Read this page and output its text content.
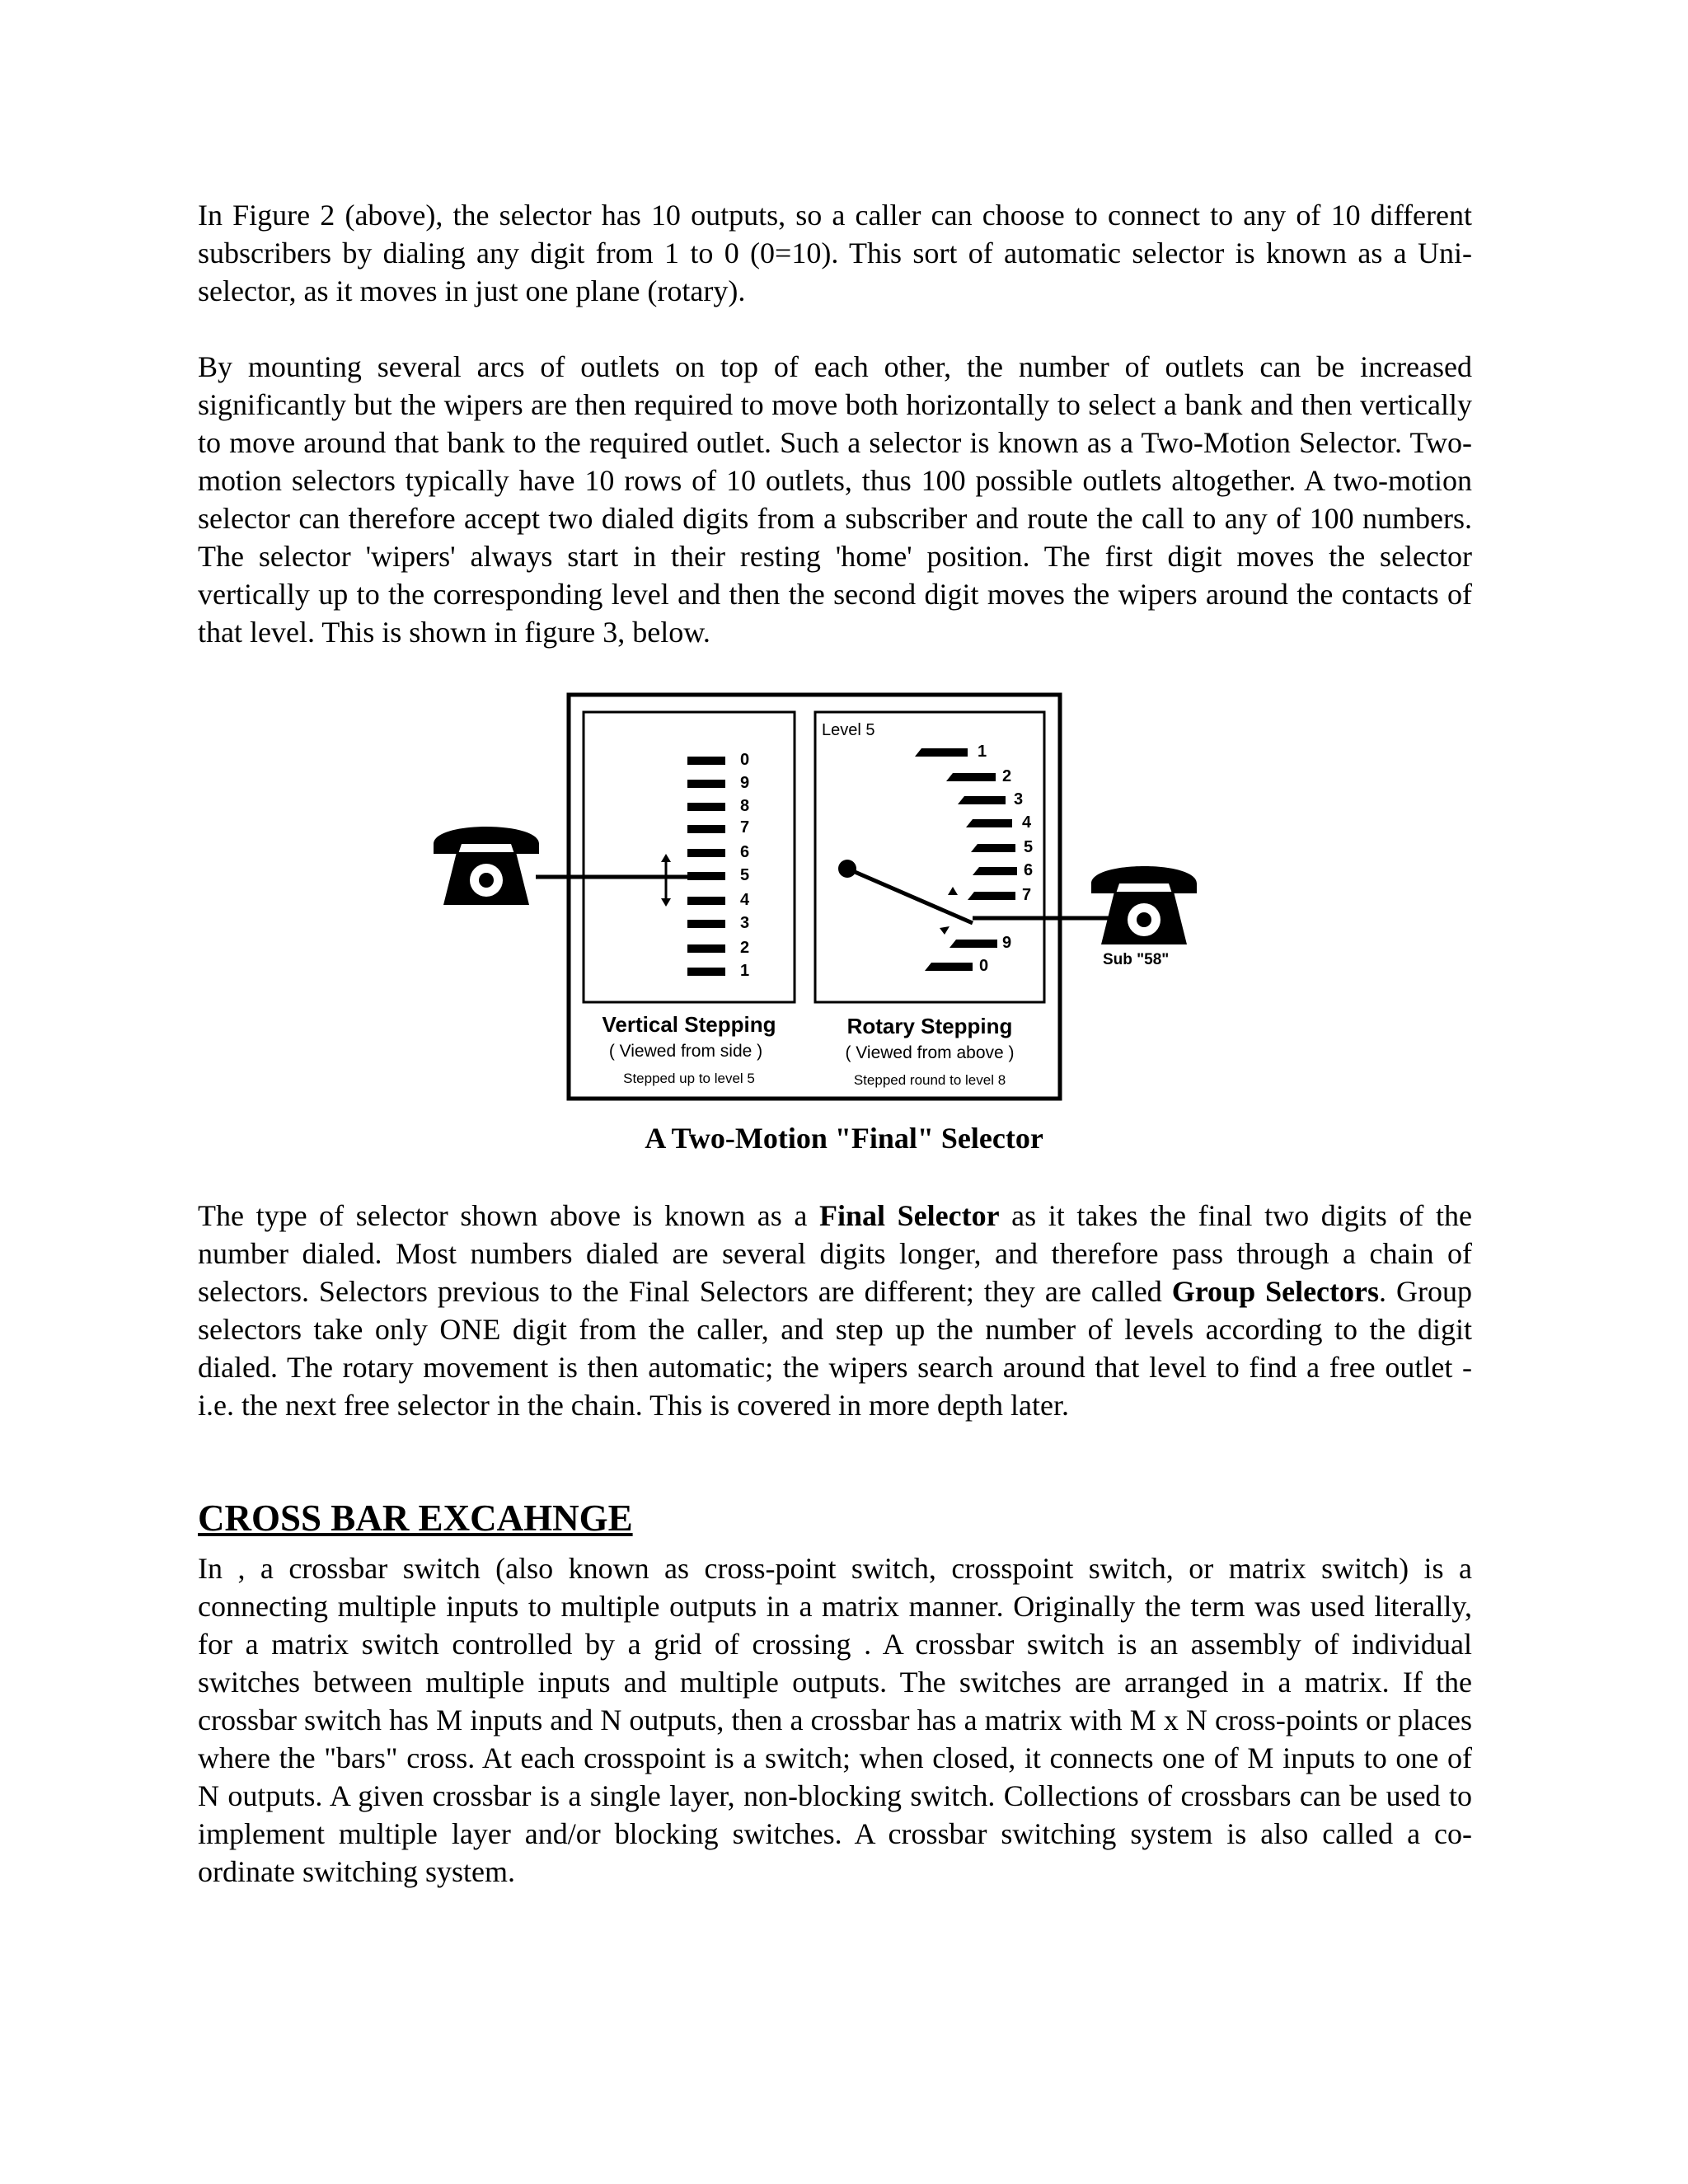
In Figure 2 (above), the selector has 10 outputs, so a caller can choose to connect to any of 10 different subscribers by dialing any digit from 1 to 0 (0=10). This sort of automatic selector is known as a Uni-selector, as it moves in just one plane (rotary).

By mounting several arcs of outlets on top of each other, the number of outlets can be increased significantly but the wipers are then required to move both horizontally to select a bank and then vertically to move around that bank to the required outlet. Such a selector is known as a Two-Motion Selector. Two-motion selectors typically have 10 rows of 10 outlets, thus 100 possible outlets altogether. A two-motion selector can therefore accept two dialed digits from a subscriber and route the call to any of 100 numbers. The selector 'wipers' always start in their resting 'home' position. The first digit moves the selector vertically up to the corresponding level and then the second digit moves the wipers around the contacts of that level. This is shown in figure 3, below.

0
9
8
7
6
5
4
3
2
1
Vertical Stepping
( Viewed from side )
Stepped up to level 5
Level 5
1
2
3
4
5
6
7
9
0
Rotary Stepping
( Viewed from above )
Stepped round to level 8
Sub "58"
A Two-Motion "Final" Selector

The type of selector shown above is known as a Final Selector as it takes the final two digits of the number dialed. Most numbers dialed are several digits longer, and therefore pass through a chain of selectors. Selectors previous to the Final Selectors are different; they are called Group Selectors. Group selectors take only ONE digit from the caller, and step up the number of levels according to the digit dialed. The rotary movement is then automatic; the wipers search around that level to find a free outlet - i.e. the next free selector in the chain. This is covered in more depth later.

CROSS BAR EXCAHNGE

In , a crossbar switch (also known as cross-point switch, crosspoint switch, or matrix switch) is a connecting multiple inputs to multiple outputs in a matrix manner. Originally the term was used literally, for a matrix switch controlled by a grid of crossing . A crossbar switch is an assembly of individual switches between multiple inputs and multiple outputs. The switches are arranged in a matrix. If the crossbar switch has M inputs and N outputs, then a crossbar has a matrix with M x N cross-points or places where the "bars" cross. At each crosspoint is a switch; when closed, it connects one of M inputs to one of N outputs. A given crossbar is a single layer, non-blocking switch. Collections of crossbars can be used to implement multiple layer and/or blocking switches. A crossbar switching system is also called a co-ordinate switching system.
